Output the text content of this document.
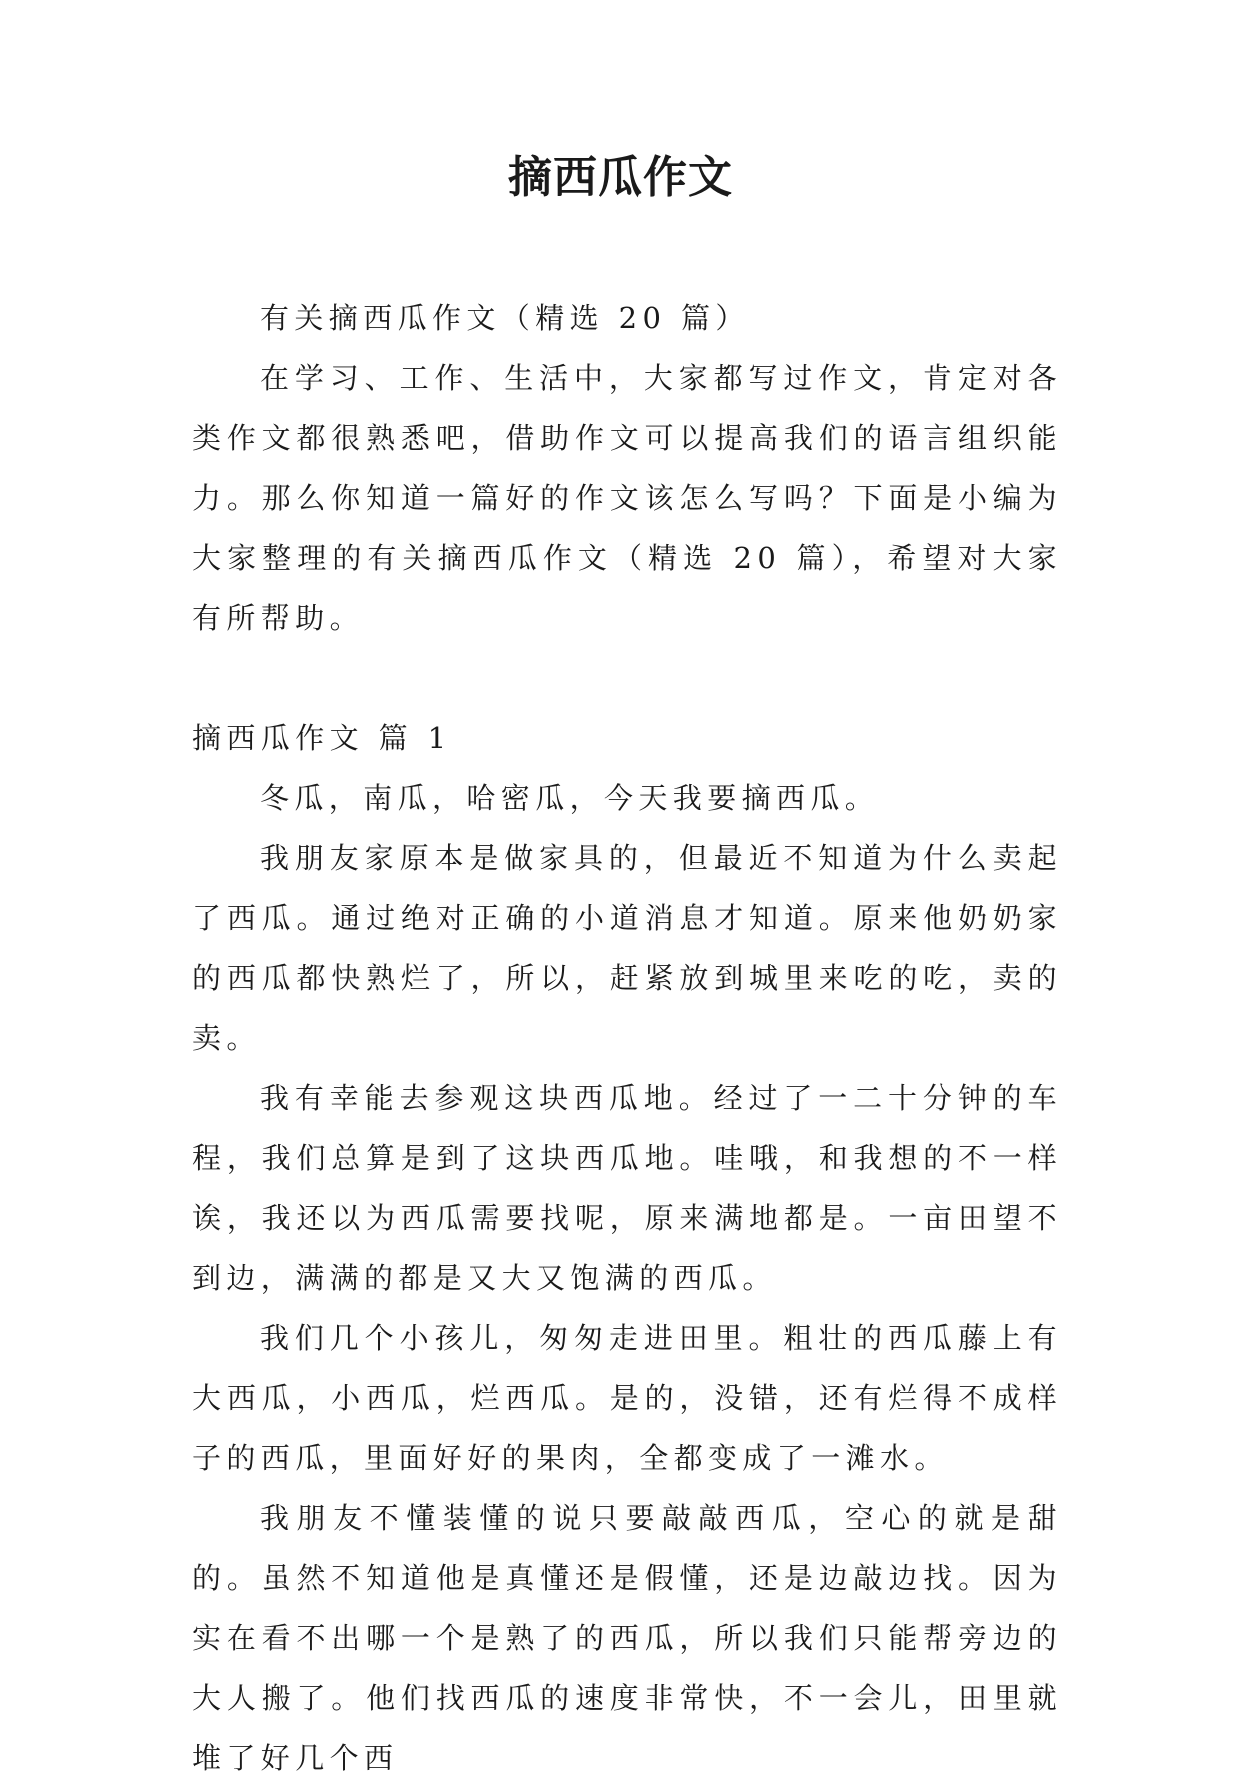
摘西瓜作文

有关摘西瓜作文（精选 20 篇）

在学习、工作、生活中，大家都写过作文，肯定对各类作文都很熟悉吧，借助作文可以提高我们的语言组织能力。那么你知道一篇好的作文该怎么写吗？下面是小编为大家整理的有关摘西瓜作文（精选 20 篇），希望对大家有所帮助。

摘西瓜作文 篇 1

冬瓜，南瓜，哈密瓜，今天我要摘西瓜。

我朋友家原本是做家具的，但最近不知道为什么卖起了西瓜。通过绝对正确的小道消息才知道。原来他奶奶家的西瓜都快熟烂了，所以，赶紧放到城里来吃的吃，卖的卖。

我有幸能去参观这块西瓜地。经过了一二十分钟的车程，我们总算是到了这块西瓜地。哇哦，和我想的不一样诶，我还以为西瓜需要找呢，原来满地都是。一亩田望不到边，满满的都是又大又饱满的西瓜。

我们几个小孩儿，匆匆走进田里。粗壮的西瓜藤上有大西瓜，小西瓜，烂西瓜。是的，没错，还有烂得不成样子的西瓜，里面好好的果肉，全都变成了一滩水。

我朋友不懂装懂的说只要敲敲西瓜，空心的就是甜的。虽然不知道他是真懂还是假懂，还是边敲边找。因为实在看不出哪一个是熟了的西瓜，所以我们只能帮旁边的大人搬了。他们找西瓜的速度非常快，不一会儿，田里就堆了好几个西
